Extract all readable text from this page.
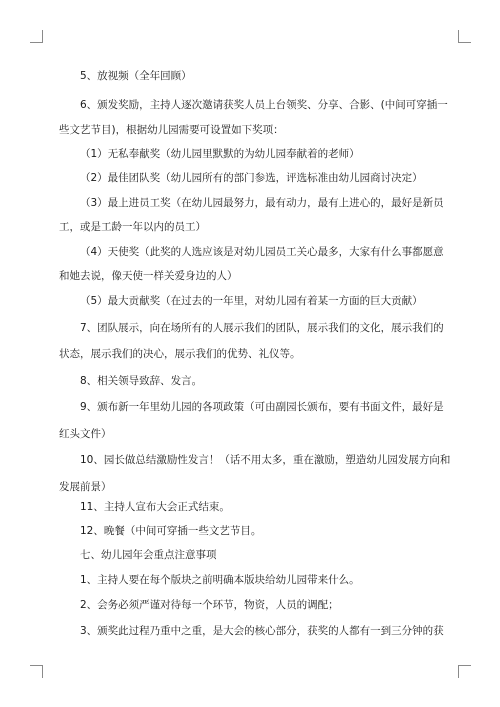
5、放视频（全年回顾）
6、颁发奖励，主持人逐次邀请获奖人员上台领奖、分享、合影、(中间可穿插一
些文艺节目)，根据幼儿园需要可设置如下奖项：
（1）无私奉献奖（幼儿园里默默的为幼儿园奉献着的老师）
（2）最佳团队奖（幼儿园所有的部门参选，评选标准由幼儿园商讨决定）
（3）最上进员工奖（在幼儿园最努力，最有动力，最有上进心的，最好是新员
工，或是工龄一年以内的员工）
（4）天使奖（此奖的人选应该是对幼儿园员工关心最多，大家有什么事都愿意
和她去说，像天使一样关爱身边的人）
（5）最大贡献奖（在过去的一年里，对幼儿园有着某一方面的巨大贡献）
7、团队展示，向在场所有的人展示我们的团队，展示我们的文化，展示我们的
状态，展示我们的决心，展示我们的优势、礼仪等。
8、相关领导致辞、发言。
9、颁布新一年里幼儿园的各项政策（可由副园长颁布，要有书面文件，最好是
红头文件）
10、园长做总结激励性发言！（话不用太多，重在激励，塑造幼儿园发展方向和
发展前景）
11、主持人宣布大会正式结束。
12、晚餐（中间可穿插一些文艺节目。
七、幼儿园年会重点注意事项
1、主持人要在每个版块之前明确本版块给幼儿园带来什么。
2、会务必须严谨对待每一个环节，物资，人员的调配；
3、颁奖此过程乃重中之重，是大会的核心部分，获奖的人都有一到三分钟的获
